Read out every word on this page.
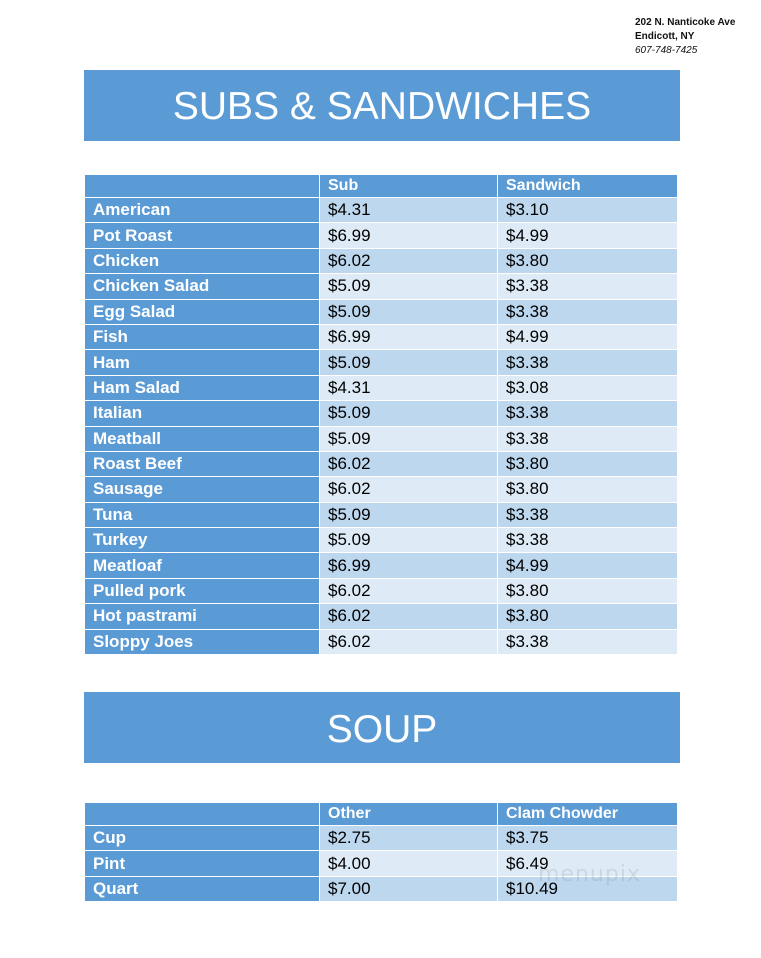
202 N. Nanticoke Ave
Endicott, NY
607-748-7425
SUBS & SANDWICHES
	Sub	Sandwich
American	$4.31	$3.10
Pot Roast	$6.99	$4.99
Chicken	$6.02	$3.80
Chicken Salad	$5.09	$3.38
Egg Salad	$5.09	$3.38
Fish	$6.99	$4.99
Ham	$5.09	$3.38
Ham Salad	$4.31	$3.08
Italian	$5.09	$3.38
Meatball	$5.09	$3.38
Roast Beef	$6.02	$3.80
Sausage	$6.02	$3.80
Tuna	$5.09	$3.38
Turkey	$5.09	$3.38
Meatloaf	$6.99	$4.99
Pulled pork	$6.02	$3.80
Hot pastrami	$6.02	$3.80
Sloppy Joes	$6.02	$3.38
SOUP
	Other	Clam Chowder
Cup	$2.75	$3.75
Pint	$4.00	$6.49
Quart	$7.00	$10.49
menupix
